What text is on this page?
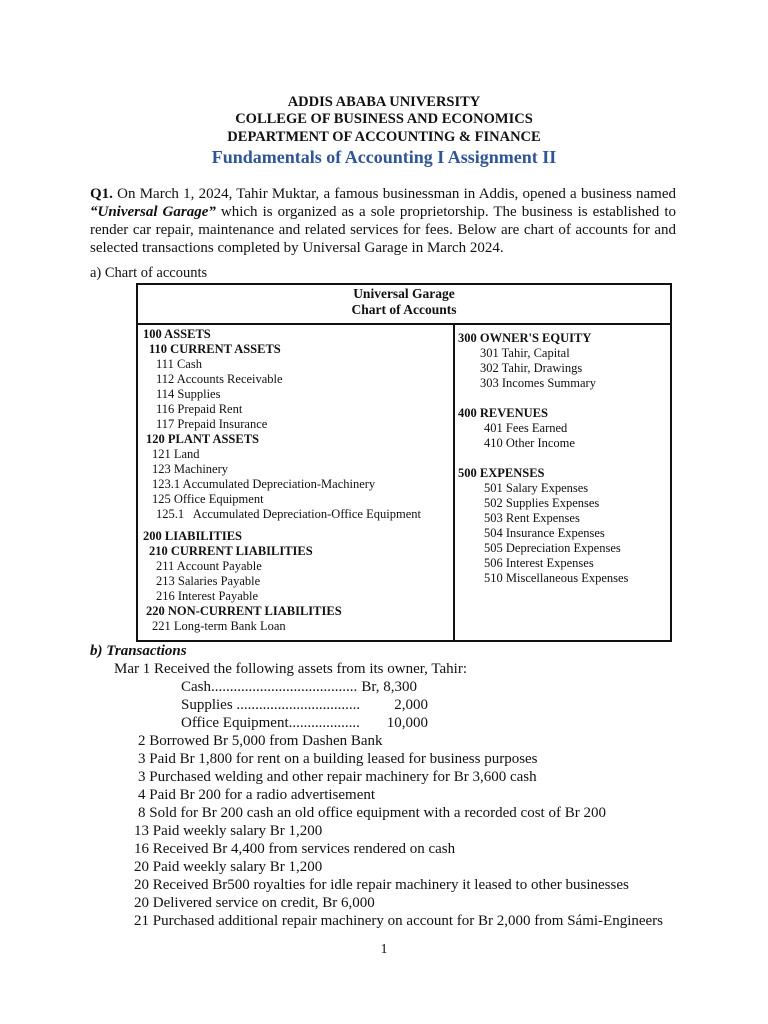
ADDIS ABABA UNIVERSITY
COLLEGE OF BUSINESS AND ECONOMICS
DEPARTMENT OF ACCOUNTING & FINANCE
Fundamentals of Accounting I Assignment II
Q1. On March 1, 2024, Tahir Muktar, a famous businessman in Addis, opened a business named “Universal Garage” which is organized as a sole proprietorship. The business is established to render car repair, maintenance and related services for fees. Below are chart of accounts for and selected transactions completed by Universal Garage in March 2024.
a) Chart of accounts
Universal Garage
Chart of Accounts
100 ASSETS
110 CURRENT ASSETS
111 Cash
112 Accounts Receivable
114 Supplies
116 Prepaid Rent
117 Prepaid Insurance
120 PLANT ASSETS
121 Land
123 Machinery
123.1 Accumulated Depreciation-Machinery
125 Office Equipment
125.1   Accumulated Depreciation-Office Equipment
200 LIABILITIES
210 CURRENT LIABILITIES
211 Account Payable
213 Salaries Payable
216 Interest Payable
220 NON-CURRENT LIABILITIES
221 Long-term Bank Loan
300 OWNER'S EQUITY
301 Tahir, Capital
302 Tahir, Drawings
303 Incomes Summary
400 REVENUES
401 Fees Earned
410 Other Income
500 EXPENSES
501 Salary Expenses
502 Supplies Expenses
503 Rent Expenses
504 Insurance Expenses
505 Depreciation Expenses
506 Interest Expenses
510 Miscellaneous Expenses
b) Transactions
Mar 1 Received the following assets from its owner, Tahir:
Cash....................................... Br, 8,300
Supplies .................................	2,000
Office Equipment...................	10,000
2 Borrowed Br 5,000 from Dashen Bank
3 Paid Br 1,800 for rent on a building leased for business purposes
3 Purchased welding and other repair machinery for Br 3,600 cash
4 Paid Br 200 for a radio advertisement
8 Sold for Br 200 cash an old office equipment with a recorded cost of Br 200
13 Paid weekly salary Br 1,200
16 Received Br 4,400 from services rendered on cash
20 Paid weekly salary Br 1,200
20 Received Br500 royalties for idle repair machinery it leased to other businesses
20 Delivered service on credit, Br 6,000
21 Purchased additional repair machinery on account for Br 2,000 from Sámi-Engineers
1
